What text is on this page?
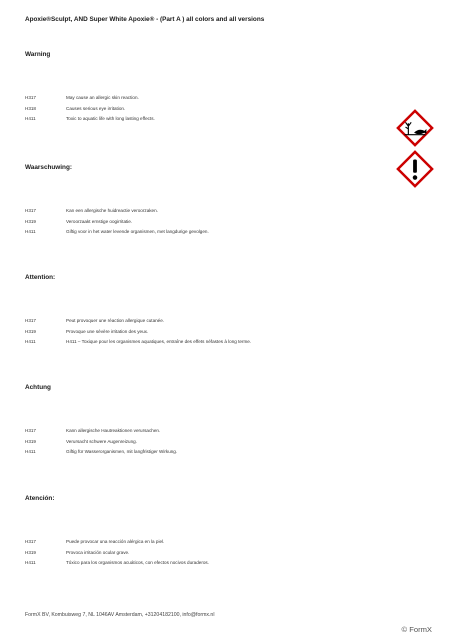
Apoxie®Sculpt, AND Super White Apoxie® - (Part A ) all colors and all versions

Warning

H317	May cause an allergic skin reaction.
H318	Causes serious eye irritation.
H411	Toxic to aquatic life with long lasting effects.

Waarschuwing:

H317	Kan een allergische huidreactie veroorzaken.
H319	Veroorzaakt ernstige oogirritatie.
H411	Giftig voor in het water levende organismen, met langdurige gevolgen.

Attention:

H317	Peut provoquer une réaction allergique cutanée.
H319	Provoque une sévère irritation des yeux.
H411	H411 – Toxique pour les organismes aquatiques, entraîne des effets néfastes à long terme.

Achtung

H317	Kann allergische Hautreaktionen verursachen.
H319	Verursacht schwere Augenreizung.
H411	Giftig für Wasserorganismen, mit langfristiger Wirkung.

Atención:

H317	Puede provocar una reacción alérgica en la piel.
H319	Provoca irritación ocular grave.
H411	Tóxico para los organismos acuáticos, con efectos nocivos duraderos.
FormX BV, Kombuisweg 7, NL 1046AV Amsterdam, +31204182100, info@formx.nl
© FormX
